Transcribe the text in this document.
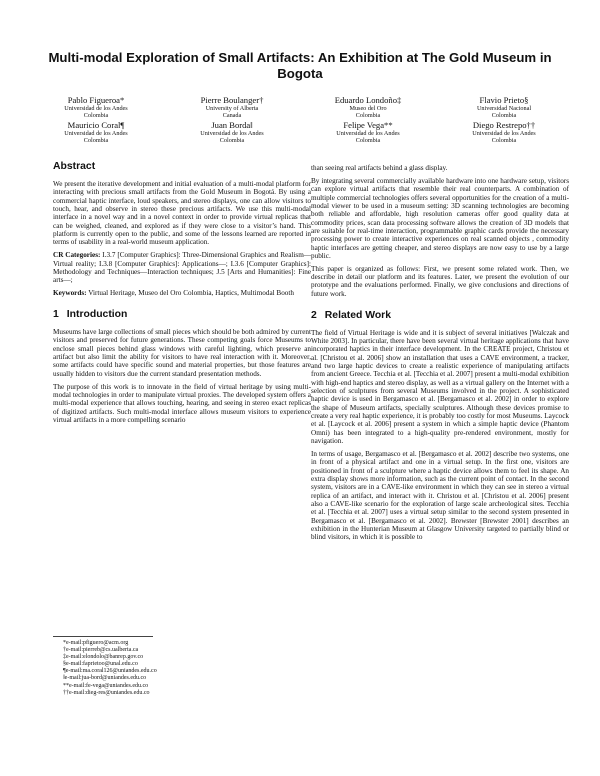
Multi-modal Exploration of Small Artifacts: An Exhibition at The Gold Museum in Bogota
Pablo Figueroa*
Universidad de los Andes
Colombia
Pierre Boulanger†
University of Alberta
Canada
Eduardo Londoño‡
Museo del Oro
Colombia
Flavio Prieto§
Universidad Nacional
Colombia
Mauricio Coral¶
Universidad de los Andes
Colombia
Juan Borda‖
Universidad de los Andes
Colombia
Felipe Vega**
Universidad de los Andes
Colombia
Diego Restrepo††
Universidad de los Andes
Colombia
Abstract

We present the iterative development and initial evaluation of a multi-modal platform for interacting with precious small artifacts from the Gold Museum in Bogotá. By using a commercial haptic interface, loud speakers, and stereo displays, one can allow visitors to touch, hear, and observe in stereo these precious artifacts. We use this multi-modal interface in a novel way and in a novel context in order to provide virtual replicas that can be weighed, cleaned, and explored as if they were close to a visitor’s hand. This platform is currently open to the public, and some of the lessons learned are reported in terms of usability in a real-world museum application.

CR Categories: I.3.7 [Computer Graphics]: Three-Dimensional Graphics and Realism—Virtual reality; I.3.8 [Computer Graphics]: Applications—; I.3.6 [Computer Graphics]: Methodology and Techniques—Interaction techniques; J.5 [Arts and Humanities]: Fine arts—;

Keywords: Virtual Heritage, Museo del Oro Colombia, Haptics, Multimodal Booth

1 Introduction

Museums have large collections of small pieces which should be both admired by current visitors and preserved for future generations. These competing goals force Museums to enclose small pieces behind glass windows with careful lighting, which preserve an artifact but also limit the ability for visitors to have real interaction with it. Moreover, some artifacts could have specific sound and material properties, but those features are usually hidden to visitors due the current standard presentation methods.

The purpose of this work is to innovate in the field of virtual heritage by using multi-modal technologies in order to manipulate virtual proxies. The developed system offers a multi-modal experience that allows touching, hearing, and seeing in stereo exact replicas of digitized artifacts. Such multi-modal interface allows museum visitors to experience virtual artifacts in a more compelling scenario

*e-mail:pfiguero@acm.org
†e-mail:pierreb@cs.ualberta.ca
‡e-mail:elondolo@banrep.gov.co
§e-mail:faprietoo@unal.edu.co
¶e-mail:ma.coral126@uniandes.edu.co
‖e-mail:jua-bord@uniandes.edu.co
**e-mail:fe-vega@uniandes.edu.co
††e-mail:dieg-res@uniandes.edu.co

than seeing real artifacts behind a glass display.

By integrating several commercially available hardware into one hardware setup, visitors can explore virtual artifacts that resemble their real counterparts. A combination of multiple commercial technologies offers several opportunities for the creation of a multi-modal viewer to be used in a museum setting: 3D scanning technologies are becoming both reliable and affordable, high resolution cameras offer good quality data at commodity prices, scan data processing software allows the creation of 3D models that are suitable for real-time interaction, programmable graphic cards provide the necessary processing power to create interactive experiences on real scanned objects , commodity haptic interfaces are getting cheaper, and stereo displays are now easy to use by a large public.

This paper is organized as follows: First, we present some related work. Then, we describe in detail our platform and its features. Later, we present the evolution of our prototype and the evaluations performed. Finally, we give conclusions and directions of future work.

2 Related Work

The field of Virtual Heritage is wide and it is subject of several initiatives [Walczak and White 2003]. In particular, there have been several virtual heritage applications that have incorporated haptics in their interface development. In the CREATE project, Christou et al. [Christou et al. 2006] show an installation that uses a CAVE environment, a tracker, and two large haptic devices to create a realistic experience of manipulating artifacts from ancient Greece. Tecchia et al. [Tecchia et al. 2007] present a multi-modal exhibition with high-end haptics and stereo display, as well as a virtual gallery on the Internet with a selection of sculptures from several Museums involved in the project. A sophisticated haptic device is used in Bergamasco et al. [Bergamasco et al. 2002] in order to explore the shape of Museum artifacts, specially sculptures. Although these devices promise to create a very real haptic experience, it is probably too costly for most Museums. Laycock et al. [Laycock et al. 2006] present a system in which a simple haptic device (Phantom Omni) has been integrated to a high-quality pre-rendered environment, mostly for navigation.

In terms of usage, Bergamasco et al. [Bergamasco et al. 2002] describe two systems, one in front of a physical artifact and one in a virtual setup. In the first one, visitors are positioned in front of a sculpture where a haptic device allows them to feel its shape. An extra display shows more information, such as the current point of contact. In the second system, visitors are in a CAVE-like environment in which they can see in stereo a virtual replica of an artifact, and interact with it. Christou et al. [Christou et al. 2006] present also a CAVE-like scenario for the exploration of large scale archeological sites. Tecchia et al. [Tecchia et al. 2007] uses a virtual setup similar to the second system presented in Bergamasco et al. [Bergamasco et al. 2002]. Brewster [Brewster 2001] describes an exhibition in the Hunterian Museum at Glasgow University targeted to partially blind or blind visitors, in which it is possible to
